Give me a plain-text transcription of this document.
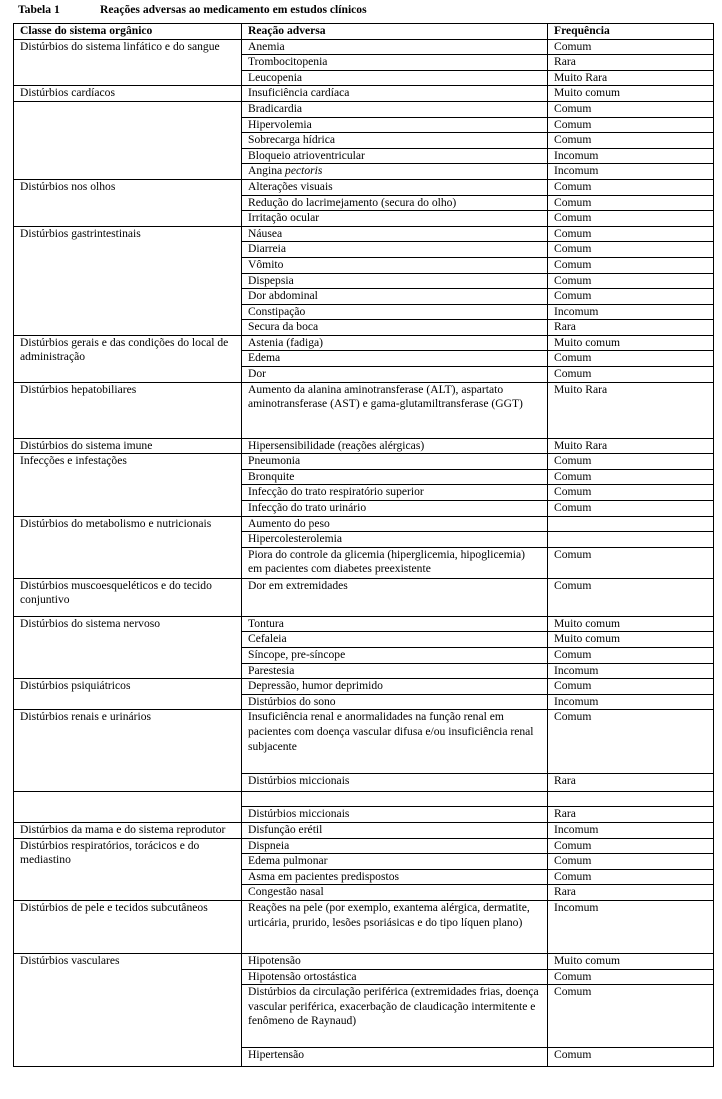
Tabela 1	Reações adversas ao medicamento em estudos clínicos
Classe do sistema orgânico	Reação adversa	Frequência
Distúrbios do sistema linfático e do sangue	Anemia	Comum
	Trombocitopenia	Rara
	Leucopenia	Muito Rara
Distúrbios cardíacos	Insuficiência cardíaca	Muito comum
	Bradicardia	Comum
	Hipervolemia	Comum
	Sobrecarga hídrica	Comum
	Bloqueio atrioventricular	Incomum
	Angina pectoris	Incomum
Distúrbios nos olhos	Alterações visuais	Comum
	Redução do lacrimejamento (secura do olho)	Comum
	Irritação ocular	Comum
Distúrbios gastrintestinais	Náusea	Comum
	Diarreia	Comum
	Vômito	Comum
	Dispepsia	Comum
	Dor abdominal	Comum
	Constipação	Incomum
	Secura da boca	Rara
Distúrbios gerais e das condições do local de administração	Astenia (fadiga)	Muito comum
	Edema	Comum
	Dor	Comum
Distúrbios hepatobiliares	Aumento da alanina aminotransferase (ALT), aspartato aminotransferase (AST) e gama-glutamiltransferase (GGT)	Muito Rara
Distúrbios do sistema imune	Hipersensibilidade (reações alérgicas)	Muito Rara
Infecções e infestações	Pneumonia	Comum
	Bronquite	Comum
	Infecção do trato respiratório superior	Comum
	Infecção do trato urinário	Comum
Distúrbios do metabolismo e nutricionais	Aumento do peso	
	Hipercolesterolemia	
	Piora do controle da glicemia (hiperglicemia, hipoglicemia) em pacientes com diabetes preexistente	Comum
Distúrbios muscoesqueléticos e do tecido conjuntivo	Dor em extremidades	Comum
Distúrbios do sistema nervoso	Tontura	Muito comum
	Cefaleia	Muito comum
	Síncope, pre-síncope	Comum
	Parestesia	Incomum
Distúrbios psiquiátricos	Depressão, humor deprimido	Comum
	Distúrbios do sono	Incomum
Distúrbios renais e urinários	Insuficiência renal e anormalidades na função renal em pacientes com doença vascular difusa e/ou insuficiência renal subjacente	Comum
	Distúrbios miccionais	Rara

	Distúrbios miccionais	Rara
Distúrbios da mama e do sistema reprodutor	Disfunção erétil	Incomum
Distúrbios respiratórios, torácicos e do mediastino	Dispneia	Comum
	Edema pulmonar	Comum
	Asma em pacientes predispostos	Comum
	Congestão nasal	Rara
Distúrbios de pele e tecidos subcutâneos	Reações na pele (por exemplo, exantema alérgica, dermatite, urticária, prurido, lesões psoriásicas e do tipo líquen plano)	Incomum
Distúrbios vasculares	Hipotensão	Muito comum
	Hipotensão ortostástica	Comum
	Distúrbios da circulação periférica (extremidades frias, doença vascular periférica, exacerbação de claudicação intermitente e fenômeno de Raynaud)	Comum
	Hipertensão	Comum
